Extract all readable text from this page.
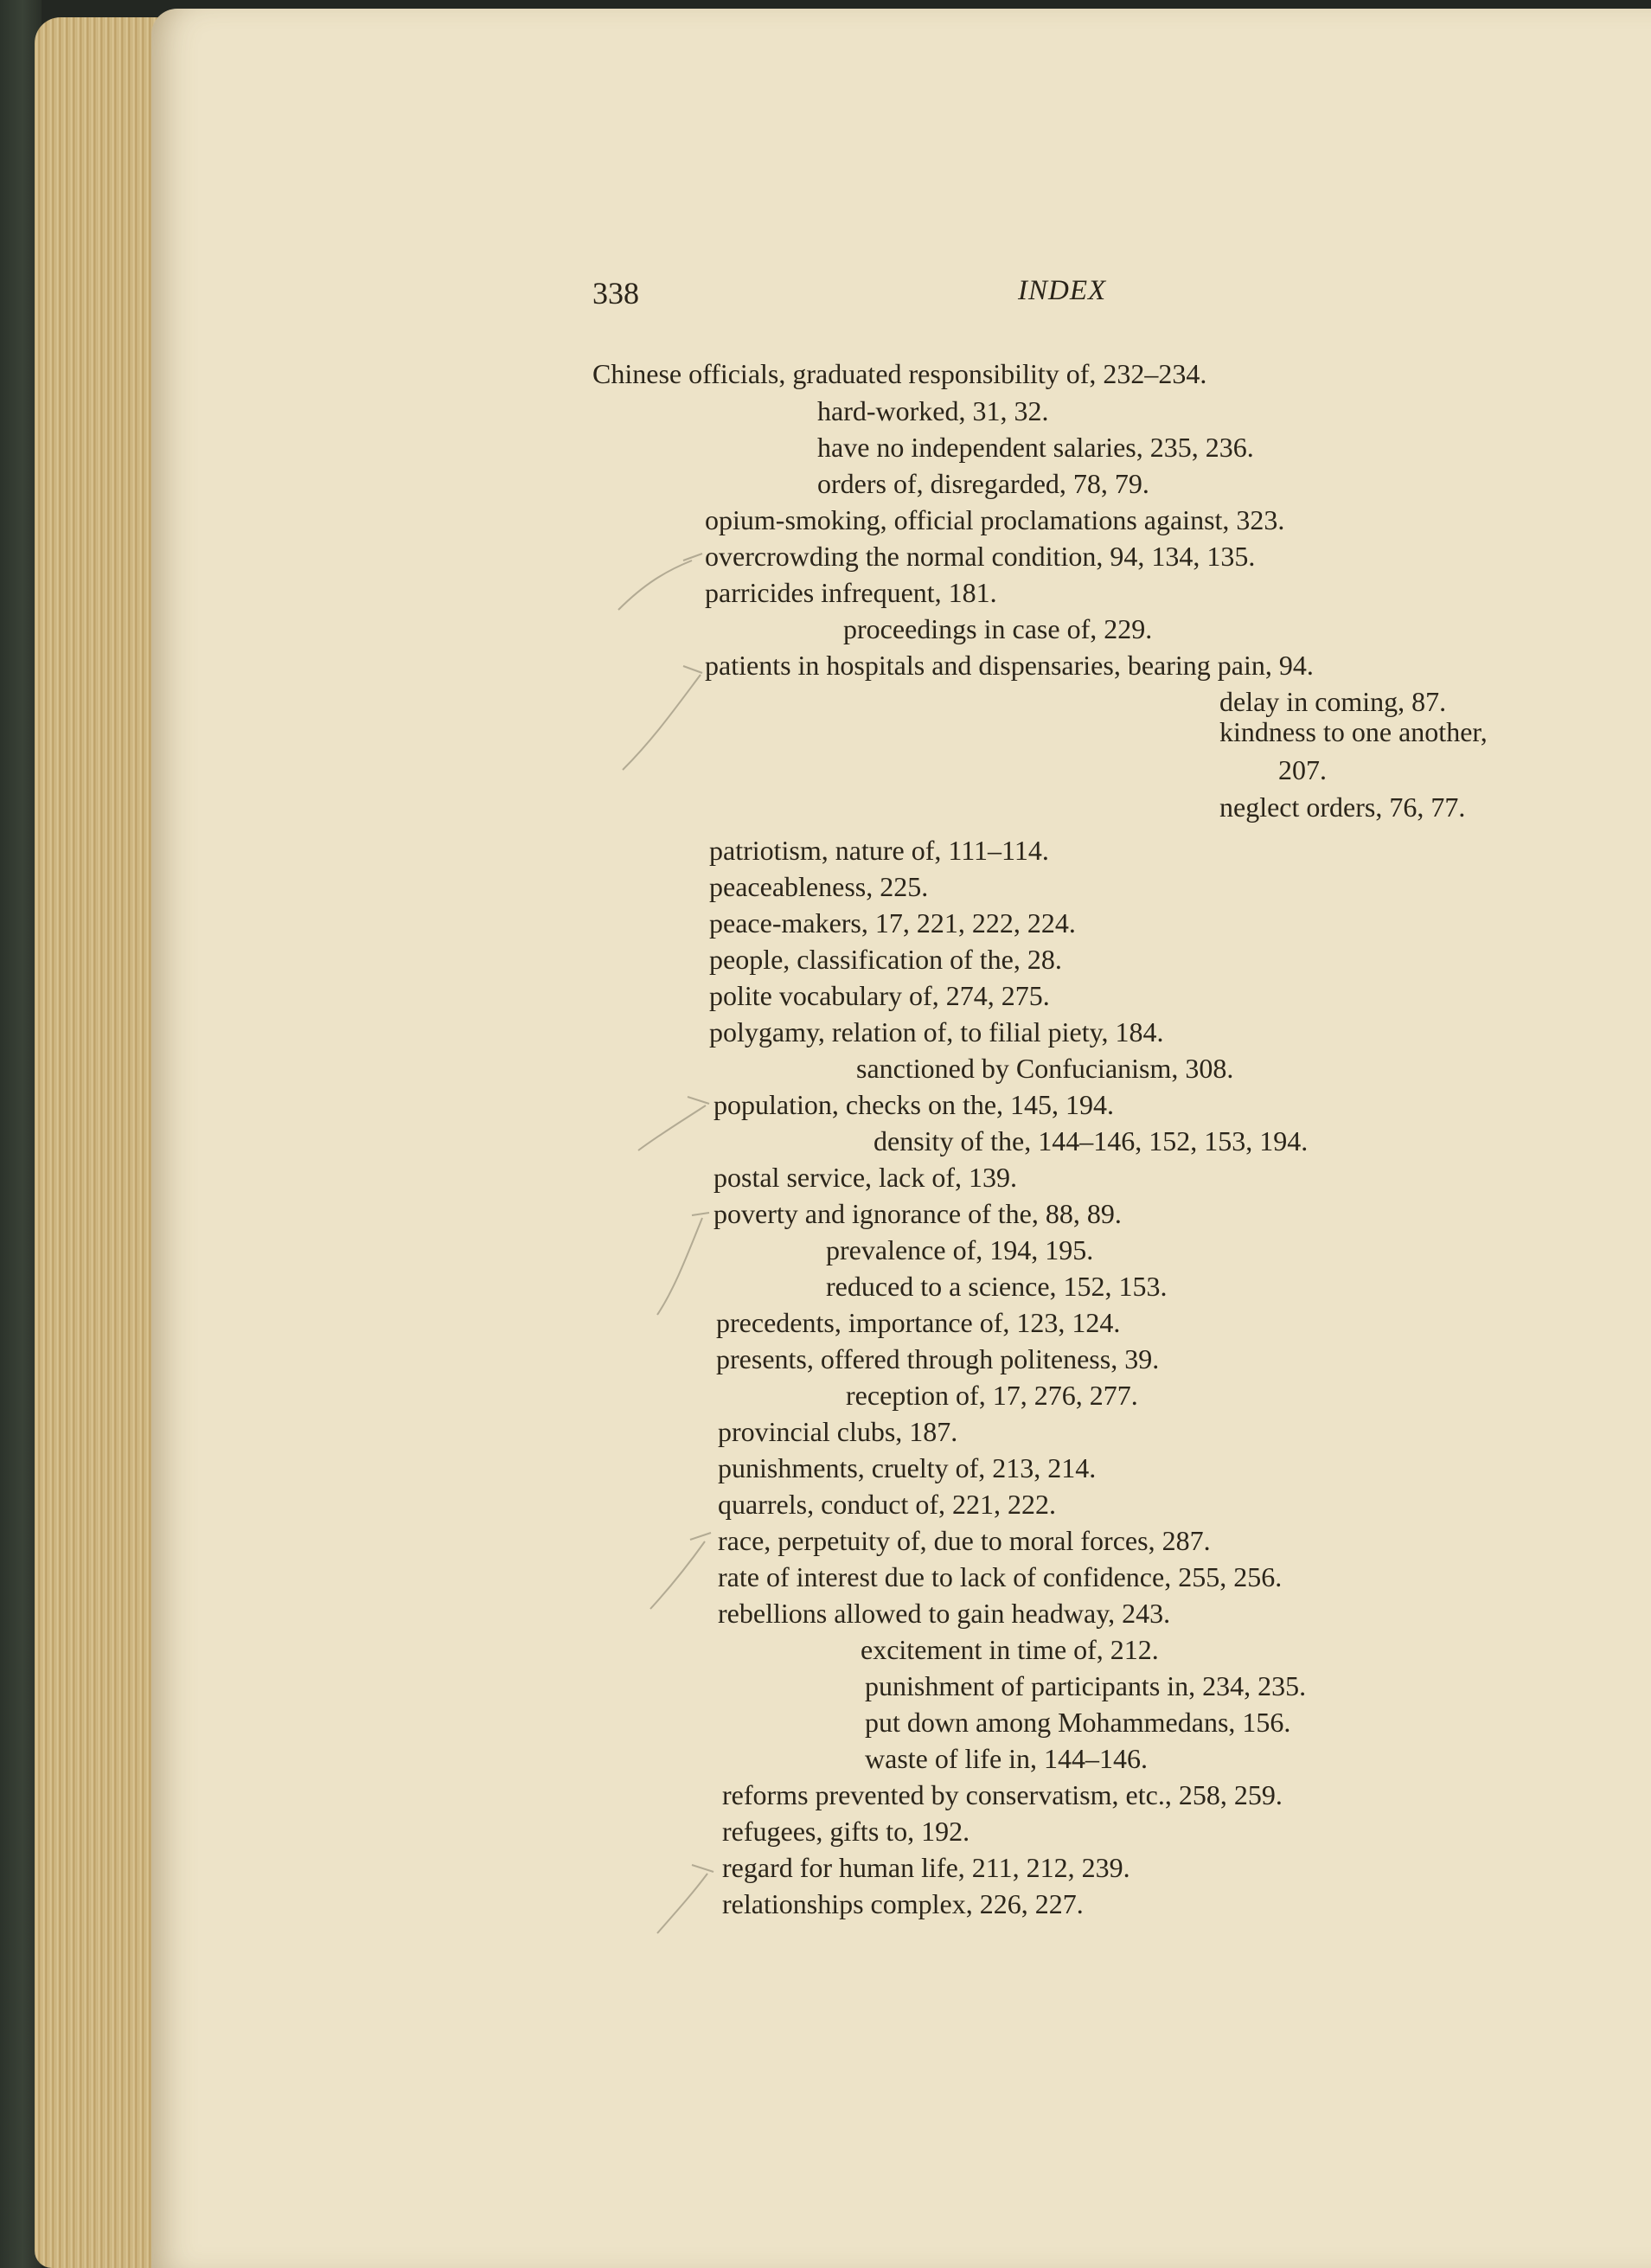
338	INDEX
Chinese officials, graduated responsibility of, 232–234.
hard-worked, 31, 32.
have no independent salaries, 235, 236.
orders of, disregarded, 78, 79.
opium-smoking, official proclamations against, 323.
overcrowding the normal condition, 94, 134, 135.
parricides infrequent, 181.
proceedings in case of, 229.
patients in hospitals and dispensaries, bearing pain, 94.
delay in coming, 87.
kindness to one another,
207.
neglect orders, 76, 77.
patriotism, nature of, 111–114.
peaceableness, 225.
peace-makers, 17, 221, 222, 224.
people, classification of the, 28.
polite vocabulary of, 274, 275.
polygamy, relation of, to filial piety, 184.
sanctioned by Confucianism, 308.
population, checks on the, 145, 194.
density of the, 144–146, 152, 153, 194.
postal service, lack of, 139.
poverty and ignorance of the, 88, 89.
prevalence of, 194, 195.
reduced to a science, 152, 153.
precedents, importance of, 123, 124.
presents, offered through politeness, 39.
reception of, 17, 276, 277.
provincial clubs, 187.
punishments, cruelty of, 213, 214.
quarrels, conduct of, 221, 222.
race, perpetuity of, due to moral forces, 287.
rate of interest due to lack of confidence, 255, 256.
rebellions allowed to gain headway, 243.
excitement in time of, 212.
punishment of participants in, 234, 235.
put down among Mohammedans, 156.
waste of life in, 144–146.
reforms prevented by conservatism, etc., 258, 259.
refugees, gifts to, 192.
regard for human life, 211, 212, 239.
relationships complex, 226, 227.
